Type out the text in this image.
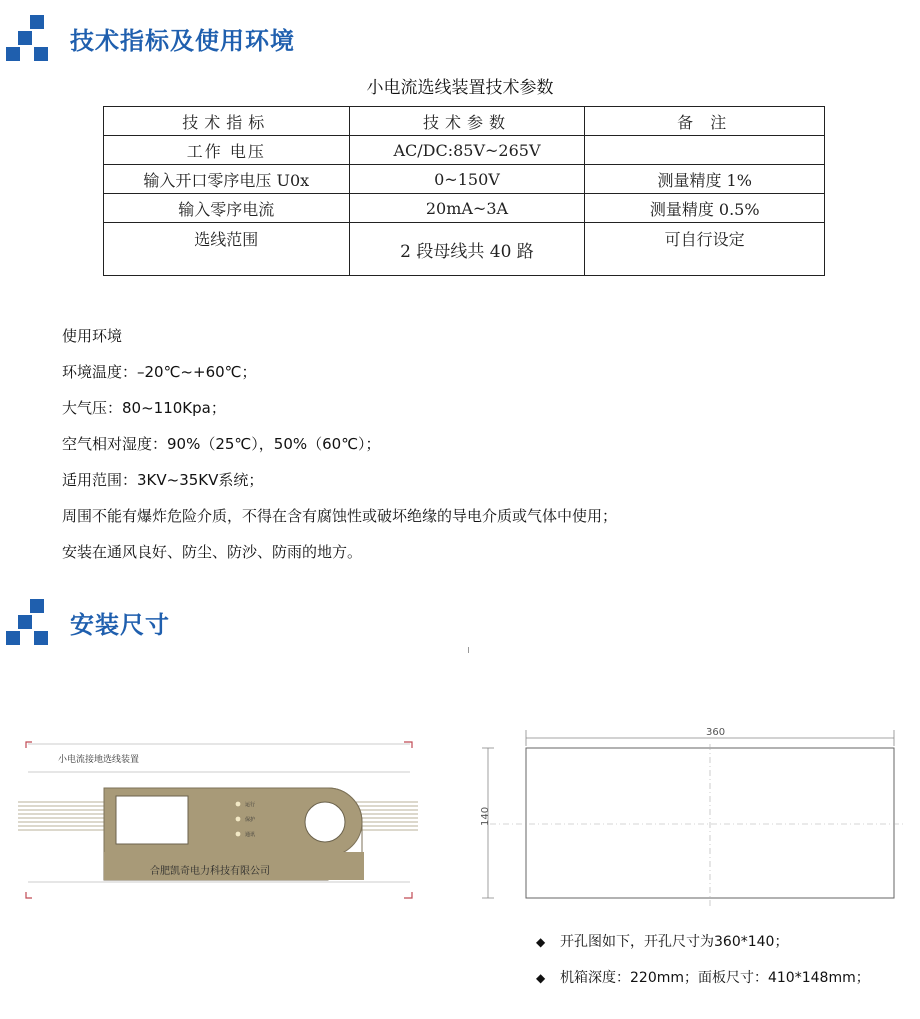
技术指标及使用环境
小电流选线装置技术参数
技术指标	技术参数	备 注
工作 电压	AC/DC:85V~265V	
输入开口零序电压 U0x	0~150V	测量精度 1%
输入零序电流	20mA~3A	测量精度 0.5%
选线范围	2 段母线共 40 路	可自行设定
使用环境
环境温度：–20℃~+60℃；
大气压：80~110Kpa；
空气相对湿度：90%（25℃），50%（60℃）；
适用范围：3KV~35KV系统；
周围不能有爆炸危险介质，不得在含有腐蚀性或破坏绝缘的导电介质或气体中使用；
安装在通风良好、防尘、防沙、防雨的地方。
安装尺寸
运行
保护
通讯
小电流接地选线装置
合肥凯奇电力科技有限公司
360
140
◆	开孔图如下，开孔尺寸为360*140；
◆	机箱深度：220mm；面板尺寸：410*148mm；
